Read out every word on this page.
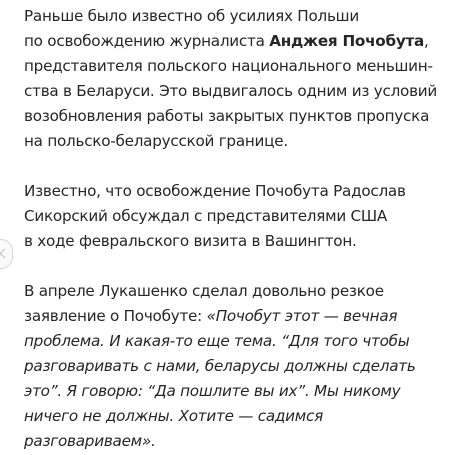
Раньше было известно об усилиях Польши

по освобождению журналиста Анджея Почобута,

представителя польского национального меньшин-

ства в Беларуси. Это выдвигалось одним из условий

возобновления работы закрытых пунктов пропуска

на польско-беларусской границе.

Известно, что освобождение Почобута Радослав

Сикорский обсуждал с представителями США

в ходе февральского визита в Вашингтон.

В апреле Лукашенко сделал довольно резкое

заявление о Почобуте: «Почобут этот — вечная

проблема. И какая-то еще тема. “Для того чтобы

разговаривать с нами, беларусы должны сделать

это”. Я говорю: “Да пошлите вы их”. Мы никому

ничего не должны. Хотите — садимся

разговариваем».
